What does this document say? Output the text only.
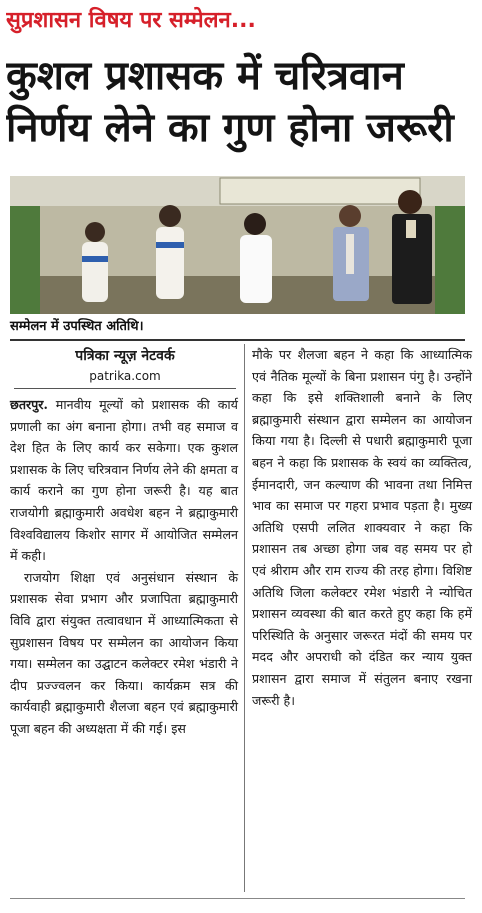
सुप्रशासन विषय पर सम्मेलन...
कुशल प्रशासक में चरित्रवान
निर्णय लेने का गुण होना जरूरी
सम्मेलन में उपस्थित अतिथि।
पत्रिका न्यूज़ नेटवर्क
patrika.com

छतरपुर. मानवीय मूल्यों को प्रशासक की कार्य प्रणाली का अंग बनाना होगा। तभी वह समाज व देश हित के लिए कार्य कर सकेगा। एक कुशल प्रशासक के लिए चरित्रवान निर्णय लेने की क्षमता व कार्य कराने का गुण होना जरूरी है। यह बात राजयोगी ब्रह्माकुमारी अवधेश बहन ने ब्रह्माकुमारी विश्वविद्यालय किशोर सागर में आयोजित सम्मेलन में कही।

राजयोग शिक्षा एवं अनुसंधान संस्थान के प्रशासक सेवा प्रभाग और प्रजापिता ब्रह्माकुमारी विवि द्वारा संयुक्त तत्वावधान में आध्यात्मिकता से सुप्रशासन विषय पर सम्मेलन का आयोजन किया गया। सम्मेलन का उद्घाटन कलेक्टर रमेश भंडारी ने दीप प्रज्ज्वलन कर किया। कार्यक्रम सत्र की कार्यवाही ब्रह्माकुमारी शैलजा बहन एवं ब्रह्माकुमारी पूजा बहन की अध्यक्षता में की गई। इस

मौके पर शैलजा बहन ने कहा कि आध्यात्मिक एवं नैतिक मूल्यों के बिना प्रशासन पंगु है। उन्होंने कहा कि इसे शक्तिशाली बनाने के लिए ब्रह्माकुमारी संस्थान द्वारा सम्मेलन का आयोजन किया गया है। दिल्ली से पधारी ब्रह्माकुमारी पूजा बहन ने कहा कि प्रशासक के स्वयं का व्यक्तित्व, ईमानदारी, जन कल्याण की भावना तथा निमित्त भाव का समाज पर गहरा प्रभाव पड़ता है। मुख्य अतिथि एसपी ललित शाक्यवार ने कहा कि प्रशासन तब अच्छा होगा जब वह समय पर हो एवं श्रीराम और राम राज्य की तरह होगा। विशिष्ट अतिथि जिला कलेक्टर रमेश भंडारी ने न्योचित प्रशासन व्यवस्था की बात करते हुए कहा कि हमें परिस्थिति के अनुसार जरूरत मंदों की समय पर मदद और अपराधी को दंडित कर न्याय युक्त प्रशासन द्वारा समाज में संतुलन बनाए रखना जरूरी है।
